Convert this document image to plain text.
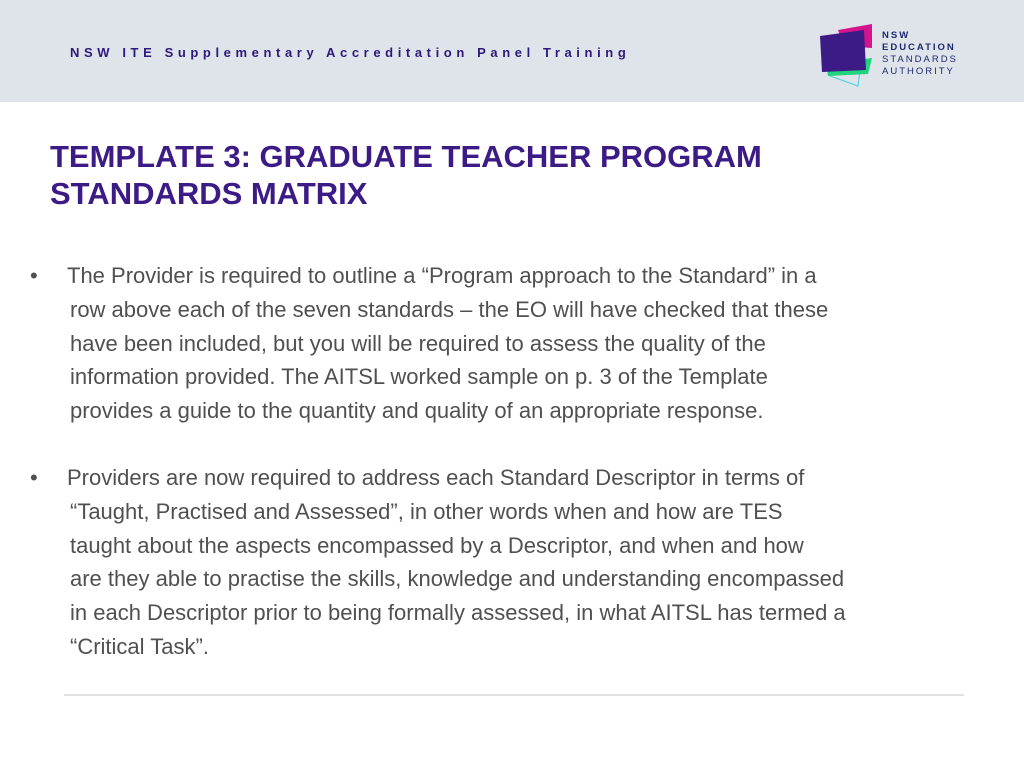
NSW ITE Supplementary Accreditation Panel Training
NSW
EDUCATION
STANDARDS
AUTHORITY
TEMPLATE 3: GRADUATE TEACHER PROGRAM
STANDARDS MATRIX
•	The Provider is required to outline a “Program approach to the Standard” in a
row above each of the seven standards – the EO will have checked that these
have been included, but you will be required to assess the quality of the
information provided. The AITSL worked sample on p. 3 of the Template
provides a guide to the quantity and quality of an appropriate response.
•	Providers are now required to address each Standard Descriptor in terms of
“Taught, Practised and Assessed”, in other words when and how are TES
taught about the aspects encompassed by a Descriptor, and when and how
are they able to practise the skills, knowledge and understanding encompassed
in each Descriptor prior to being formally assessed, in what AITSL has termed a
“Critical Task”.
